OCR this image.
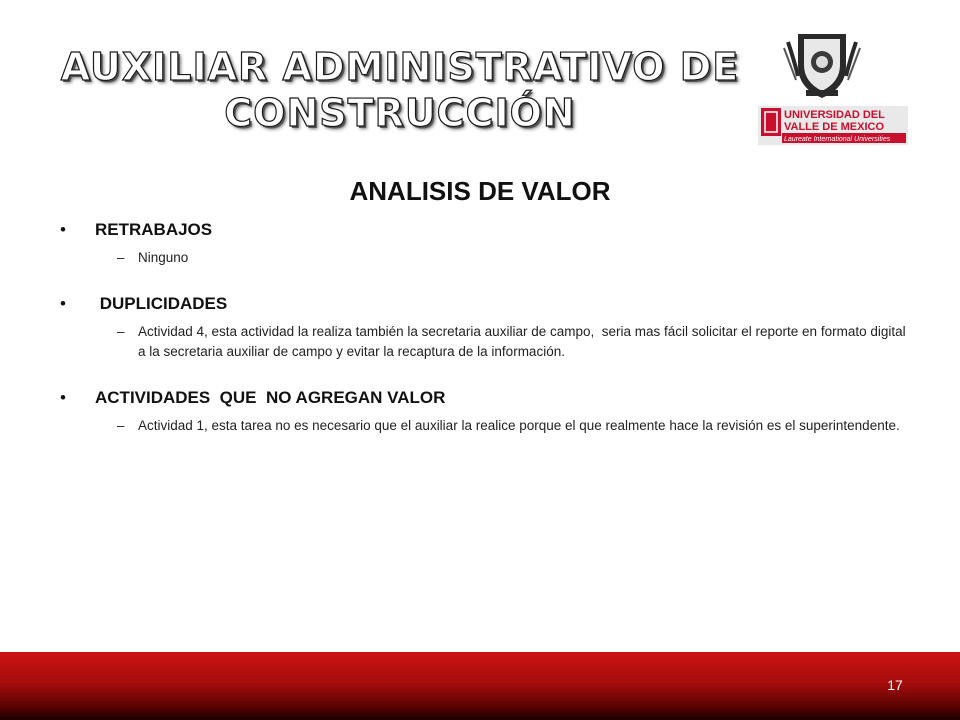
AUXILIAR ADMINISTRATIVO DE CONSTRUCCIÓN	UNIVERSIDAD DEL
VALLE DE MEXICO
Laureate International Universities
ANALISIS DE VALOR
• RETRABAJOS
– Ninguno
•  DUPLICIDADES
– Actividad 4, esta actividad la realiza también la secretaria auxiliar de campo,  seria mas fácil solicitar el reporte en formato digital a la secretaria auxiliar de campo y evitar la recaptura de la información.
• ACTIVIDADES  QUE  NO AGREGAN VALOR
– Actividad 1, esta tarea no es necesario que el auxiliar la realice porque el que realmente hace la revisión es el superintendente.
17
